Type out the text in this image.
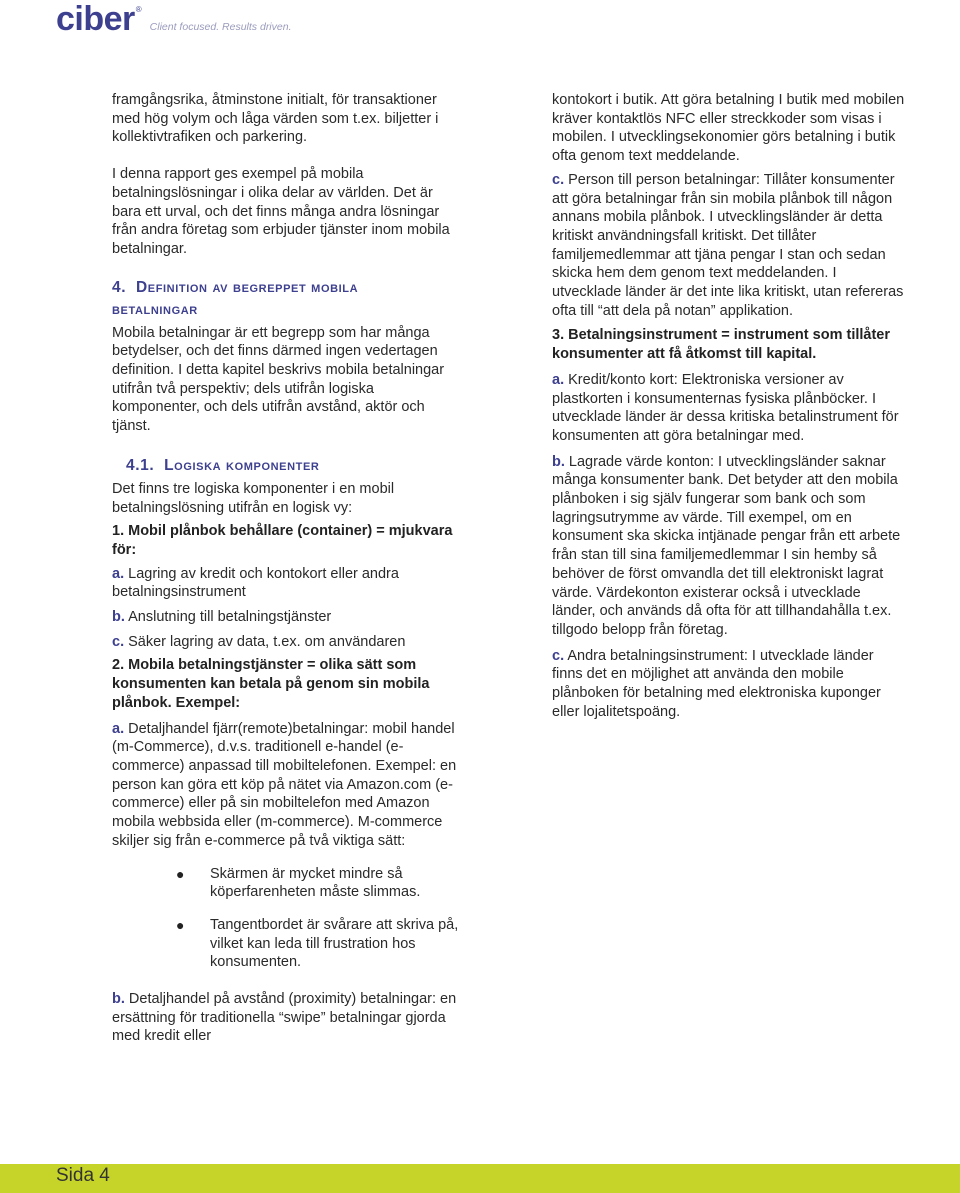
ciber ®
Client focused. Results driven.

framgångsrika, åtminstone initialt, för transaktioner med hög volym och låga värden som t.ex. biljetter i kollektivtrafiken och parkering.

I denna rapport ges exempel på mobila betalningslösningar i olika delar av världen. Det är bara ett urval, och det finns många andra lösningar från andra företag som erbjuder tjänster inom mobila betalningar.

4. Definition av begreppet mobila
betalningar

Mobila betalningar är ett begrepp som har många betydelser, och det finns därmed ingen vedertagen definition. I detta kapitel beskrivs mobila betalningar utifrån två perspektiv; dels utifrån logiska komponenter, och dels utifrån avstånd, aktör och tjänst.

4.1. Logiska komponenter

Det finns tre logiska komponenter i en mobil betalningslösning utifrån en logisk vy:

1. Mobil plånbok behållare (container) = mjukvara för:

a. Lagring av kredit och kontokort eller andra betalningsinstrument

b. Anslutning till betalningstjänster

c. Säker lagring av data, t.ex. om användaren

2. Mobila betalningstjänster = olika sätt som konsumenten kan betala på genom sin mobila plånbok. Exempel:

a. Detaljhandel fjärr(remote)betalningar: mobil handel (m-Commerce), d.v.s. traditionell e-handel (e-commerce) anpassad till mobiltelefonen. Exempel: en person kan göra ett köp på nätet via Amazon.com (e-commerce) eller på sin mobiltelefon med Amazon mobila webbsida eller (m-commerce). M-commerce skiljer sig från e-commerce på två viktiga sätt:

●	Skärmen är mycket mindre så köperfarenheten måste slimmas.
●	Tangentbordet är svårare att skriva på, vilket kan leda till frustration hos konsumenten.

b. Detaljhandel på avstånd (proximity) betalningar: en ersättning för traditionella “swipe” betalningar gjorda med kredit eller

kontokort i butik. Att göra betalning I butik med mobilen kräver kontaktlös NFC eller streckkoder som visas i mobilen. I utvecklingsekonomier görs betalning i butik ofta genom text meddelande.

c. Person till person betalningar: Tillåter konsumenter att göra betalningar från sin mobila plånbok till någon annans mobila plånbok. I utvecklingsländer är detta kritiskt användningsfall kritiskt. Det tillåter familjemedlemmar att tjäna pengar I stan och sedan skicka hem dem genom text meddelanden. I utvecklade länder är det inte lika kritiskt, utan refereras ofta till “att dela på notan” applikation.

3. Betalningsinstrument = instrument som tillåter konsumenter att få åtkomst till kapital.

a. Kredit/konto kort: Elektroniska versioner av plastkorten i konsumenternas fysiska plånböcker. I utvecklade länder är dessa kritiska betalinstrument för konsumenten att göra betalningar med.

b. Lagrade värde konton: I utvecklingsländer saknar många konsumenter bank. Det betyder att den mobila plånboken i sig själv fungerar som bank och som lagringsutrymme av värde. Till exempel, om en konsument ska skicka intjänade pengar från ett arbete från stan till sina familjemedlemmar I sin hemby så behöver de först omvandla det till elektroniskt lagrat värde. Värdekonton existerar också i utvecklade länder, och används då ofta för att tillhandahålla t.ex. tillgodo belopp från företag.

c. Andra betalningsinstrument: I utvecklade länder finns det en möjlighet att använda den mobile plånboken för betalning med elektroniska kuponger eller lojalitetspoäng.

Sida 4
